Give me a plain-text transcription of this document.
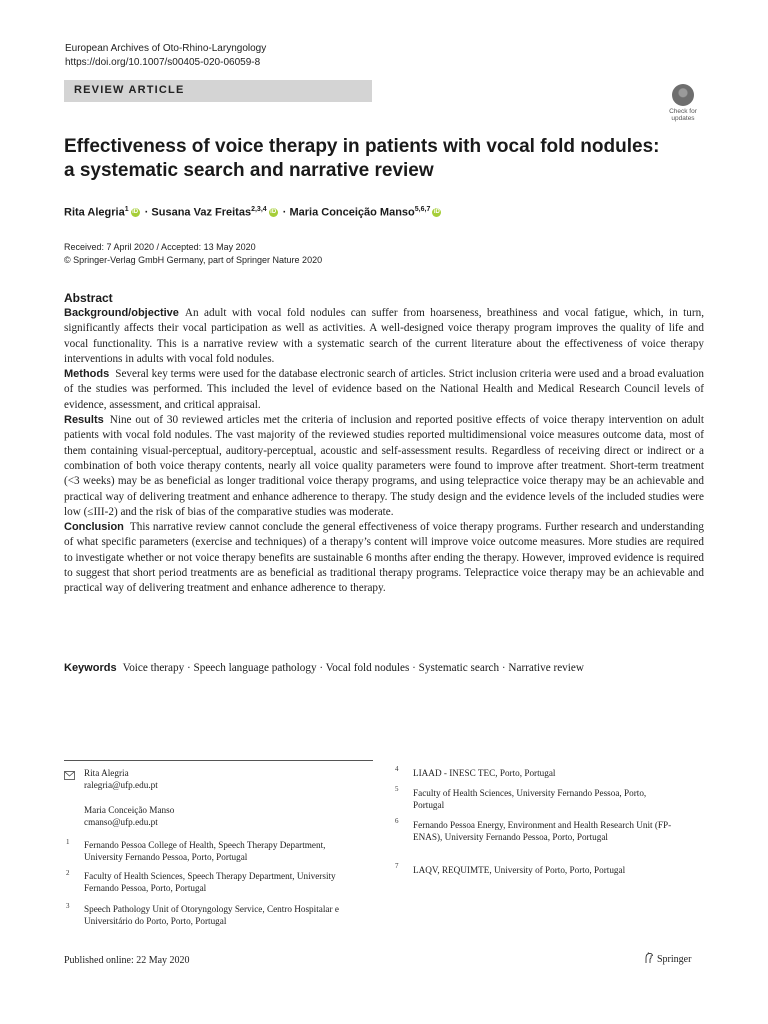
European Archives of Oto-Rhino-Laryngology
https://doi.org/10.1007/s00405-020-06059-8
REVIEW ARTICLE
Check for
updates
Effectiveness of voice therapy in patients with vocal fold nodules:
a systematic search and narrative review
Rita Alegria$^1$ iD · Susana Vaz Freitas$^{2,3,4}$ iD · Maria Conceição Manso$^{5,6,7}$ iD
Received: 7 April 2020 / Accepted: 13 May 2020
© Springer-Verlag GmbH Germany, part of Springer Nature 2020
Abstract

Background/objective An adult with vocal fold nodules can suffer from hoarseness, breathiness and vocal fatigue, which, in turn, significantly affects their vocal participation as well as activities. A well-designed voice therapy program improves the quality of life and vocal functionality. This is a narrative review with a systematic search of the current literature about the effectiveness of voice therapy interventions in adults with vocal fold nodules.

Methods Several key terms were used for the database electronic search of articles. Strict inclusion criteria were used and a broad evaluation of the studies was performed. This included the level of evidence based on the National Health and Medical Research Council levels of evidence, assessment, and critical appraisal.

Results Nine out of 30 reviewed articles met the criteria of inclusion and reported positive effects of voice therapy intervention on adult patients with vocal fold nodules. The vast majority of the reviewed studies reported multidimensional voice measures outcome data, most of them containing visual-perceptual, auditory-perceptual, acoustic and self-assessment results. Regardless of receiving direct or indirect or a combination of both voice therapy contents, nearly all voice quality parameters were found to improve after treatment. Short-term treatment (<3 weeks) may be as beneficial as longer traditional voice therapy programs, and using telepractice voice therapy may be an achievable and practical way of delivering treatment and enhance adherence to therapy. The study design and the evidence levels of the included studies were low (≤III-2) and the risk of bias of the comparative studies was moderate.

Conclusion This narrative review cannot conclude the general effectiveness of voice therapy programs. Further research and understanding of what specific parameters (exercise and techniques) of a therapy’s content will improve voice outcome measures. More studies are required to investigate whether or not voice therapy benefits are sustainable 6 months after ending the therapy. However, improved evidence is required to suggest that short period treatments are as beneficial as traditional therapy programs. Telepractice voice therapy may be an achievable and practical way of delivering treatment and enhance adherence to therapy.

Keywords Voice therapy · Speech language pathology · Vocal fold nodules · Systematic search · Narrative review
Rita Alegria
ralegria@ufp.edu.pt
Maria Conceição Manso
cmanso@ufp.edu.pt
1 Fernando Pessoa College of Health, Speech Therapy Department, University Fernando Pessoa, Porto, Portugal
2 Faculty of Health Sciences, Speech Therapy Department, University Fernando Pessoa, Porto, Portugal
3 Speech Pathology Unit of Otoryngology Service, Centro Hospitalar e Universitário do Porto, Porto, Portugal
4 LIAAD - INESC TEC, Porto, Portugal
5 Faculty of Health Sciences, University Fernando Pessoa, Porto, Portugal
6 Fernando Pessoa Energy, Environment and Health Research Unit (FP-ENAS), University Fernando Pessoa, Porto, Portugal
7 LAQV, REQUIMTE, University of Porto, Porto, Portugal
Published online: 22 May 2020	Springer
